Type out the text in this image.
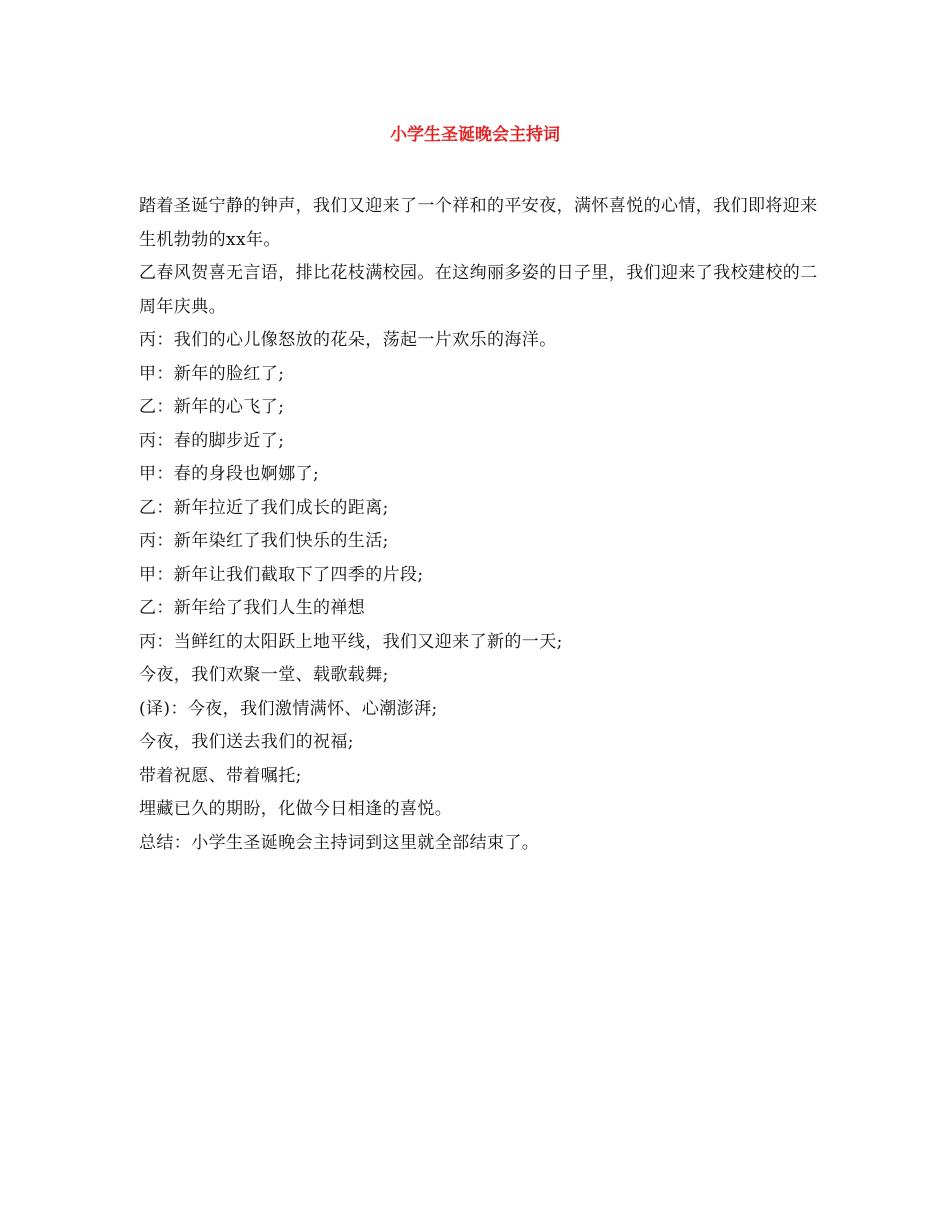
小学生圣诞晚会主持词

踏着圣诞宁静的钟声，我们又迎来了一个祥和的平安夜，满怀喜悦的心情，我们即将迎来生机勃勃的xx年。

乙春风贺喜无言语，排比花枝满校园。在这绚丽多姿的日子里，我们迎来了我校建校的二周年庆典。

丙：我们的心儿像怒放的花朵，荡起一片欢乐的海洋。

甲：新年的脸红了;

乙：新年的心飞了;

丙：春的脚步近了;

甲：春的身段也婀娜了;

乙：新年拉近了我们成长的距离;

丙：新年染红了我们快乐的生活;

甲：新年让我们截取下了四季的片段;

乙：新年给了我们人生的禅想

丙：当鲜红的太阳跃上地平线，我们又迎来了新的一天;

今夜，我们欢聚一堂、载歌载舞;

(译)：今夜，我们激情满怀、心潮澎湃;

今夜，我们送去我们的祝福;

带着祝愿、带着嘱托;

埋藏已久的期盼，化做今日相逢的喜悦。

总结：小学生圣诞晚会主持词到这里就全部结束了。
